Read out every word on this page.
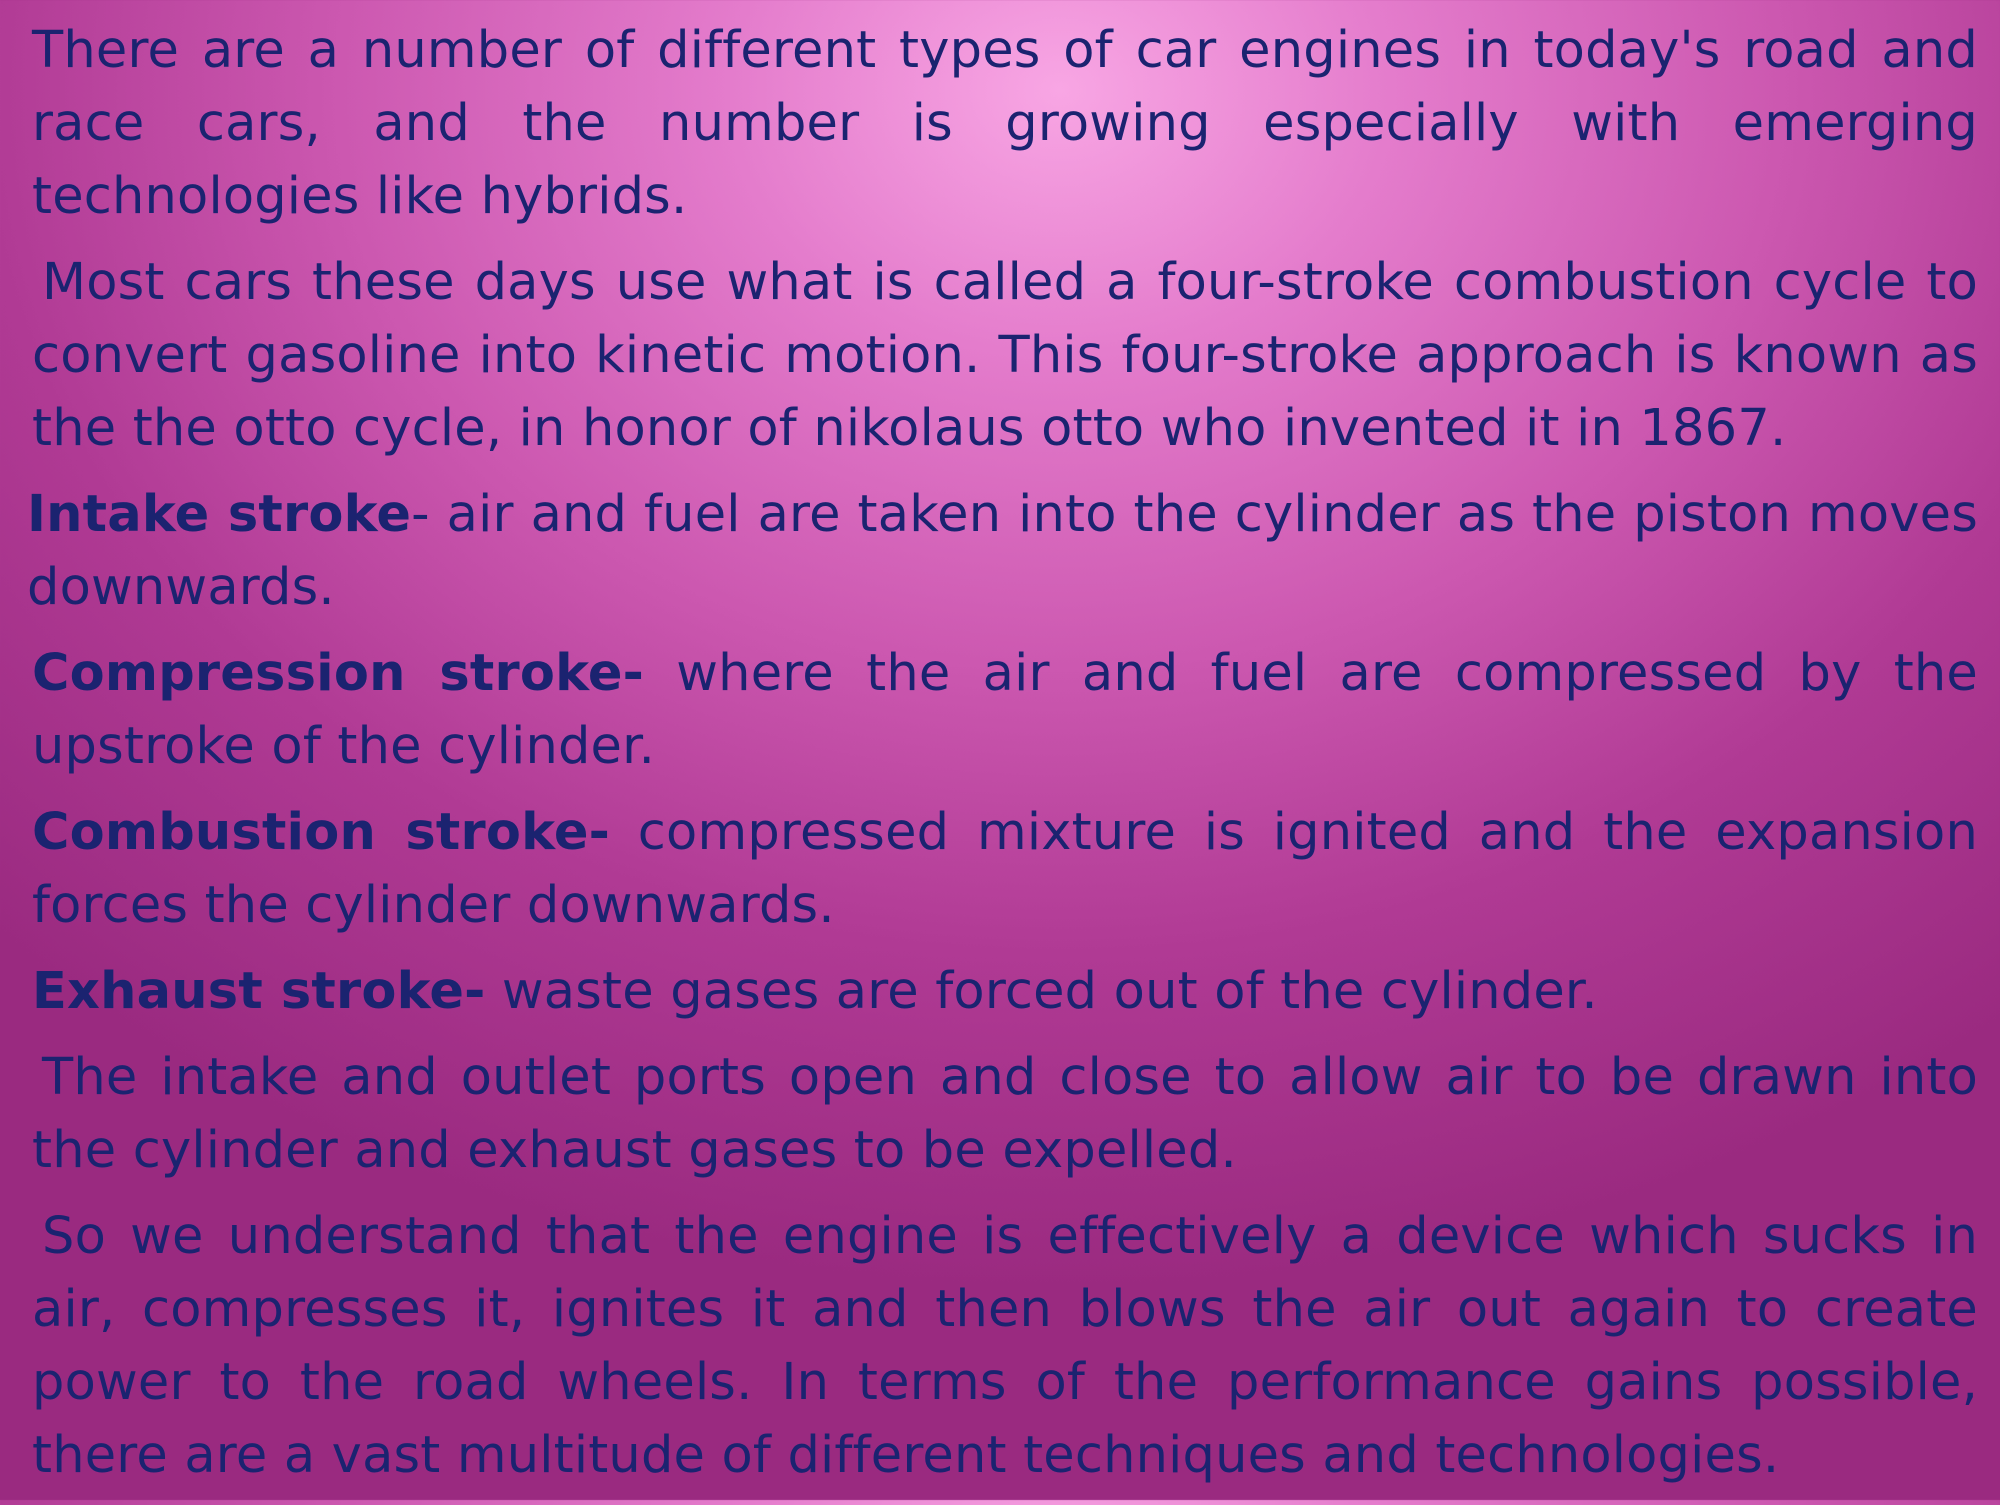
There are a number of different types of car engines in today's road and race cars, and the number is growing especially with emerging technologies like hybrids.

Most cars these days use what is called a four-stroke combustion cycle to convert gasoline into kinetic motion. This four-stroke approach is known as the the otto cycle, in honor of nikolaus otto who invented it in 1867.

Intake stroke- air and fuel are taken into the cylinder as the piston moves downwards.

Compression stroke- where the air and fuel are compressed by the upstroke of the cylinder.

Combustion stroke- compressed mixture is ignited and the expansion forces the cylinder downwards.

Exhaust stroke- waste gases are forced out of the cylinder.

The intake and outlet ports open and close to allow air to be drawn into the cylinder and exhaust gases to be expelled.

So we understand that the engine is effectively a device which sucks in air, compresses it, ignites it and then blows the air out again to create power to the road wheels. In terms of the performance gains possible, there are a vast multitude of different techniques and technologies.
